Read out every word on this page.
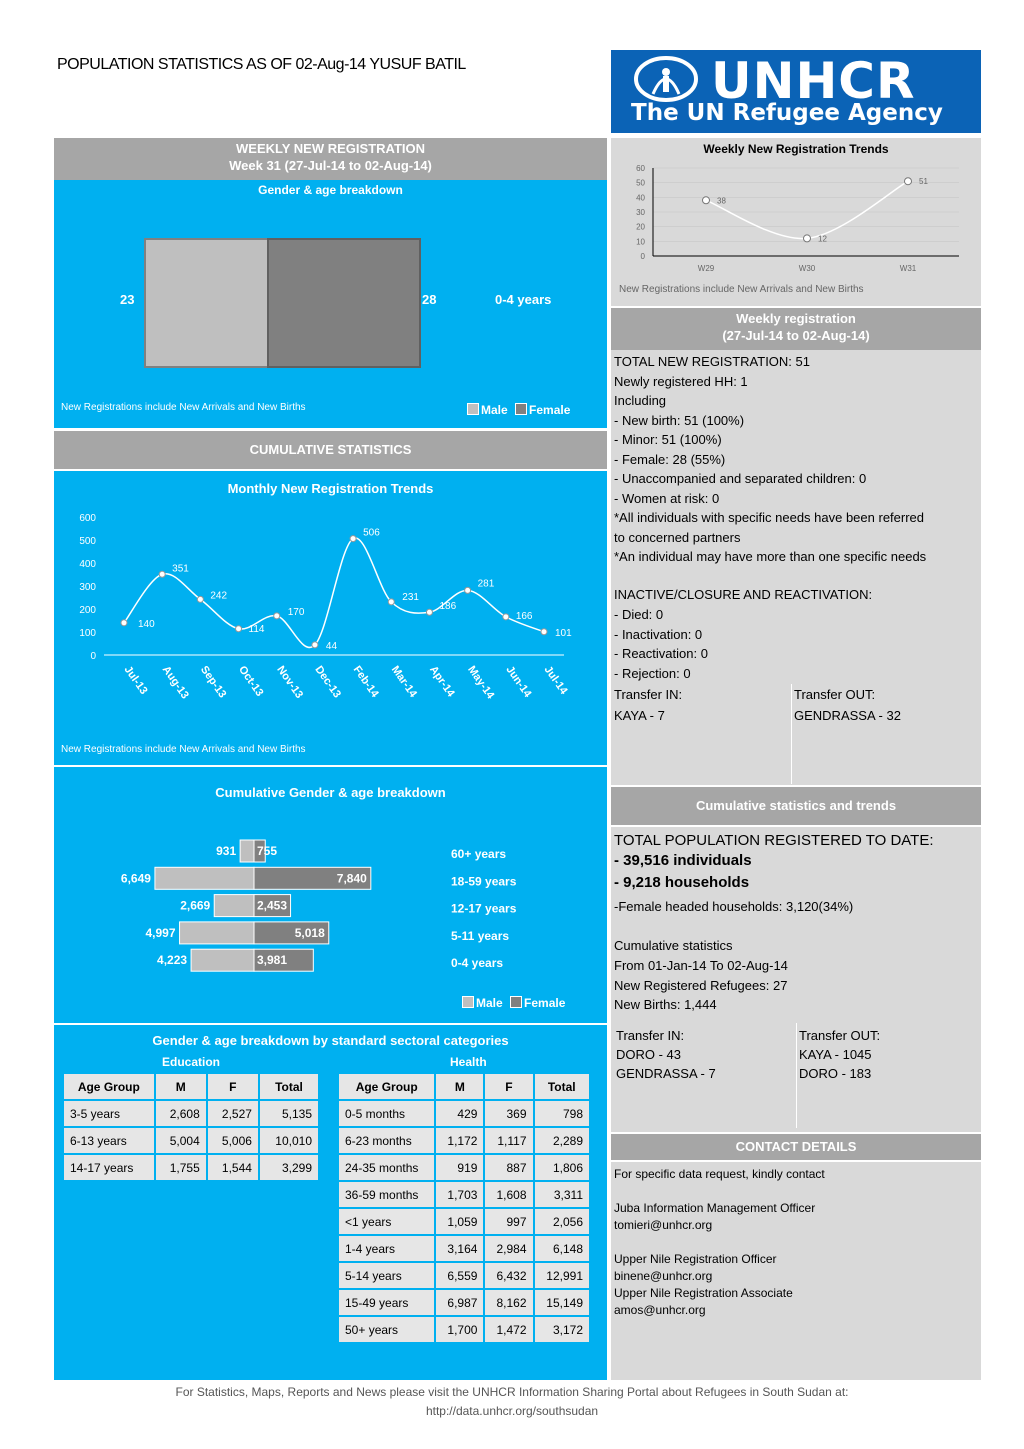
POPULATION STATISTICS AS OF 02-Aug-14 YUSUF BATIL	UNHCR
The UN Refugee Agency
WEEKLY NEW REGISTRATION
Week 31 (27-Jul-14 to 02-Aug-14)
Gender & age breakdown
23	28	0-4 years
New Registrations include New Arrivals and New Births	Male Female
CUMULATIVE STATISTICS
Monthly New Registration Trends
0
100
200
300
400
500
600
140
Jul-13
351
Aug-13
242
Sep-13
114
Oct-13
170
Nov-13
44
Dec-13
506
Feb-14
231
Mar-14
186
Apr-14
281
May-14
166
Jun-14
101
Jul-14
New Registrations include New Arrivals and New Births
Cumulative Gender & age breakdown
931 755	60+ years
6,649	7,840	18-59 years
2,669	2,453	12-17 years
4,997	5,018	5-11 years
4,223	3,981	0-4 years
Male Female
Gender & age breakdown by standard sectoral categories
Education	Health
Age Group	M	F	Total
3-5 years	2,608	2,527	5,135
6-13 years	5,004	5,006	10,010
14-17 years	1,755	1,544	3,299
Age Group	M	F	Total
0-5 months	429	369	798
6-23 months	1,172	1,117	2,289
24-35 months	919	887	1,806
36-59 months	1,703	1,608	3,311
<1 years	1,059	997	2,056
1-4 years	3,164	2,984	6,148
5-14 years	6,559	6,432	12,991
15-49 years	6,987	8,162	15,149
50+ years	1,700	1,472	3,172
Weekly New Registration Trends
0
10
20
30
40
50
60
38
W29
12
W30
51
W31
New Registrations include New Arrivals and New Births
Weekly registration
(27-Jul-14 to 02-Aug-14)
TOTAL NEW REGISTRATION: 51
Newly registered HH: 1
Including
- New birth: 51 (100%)
- Minor: 51 (100%)
- Female: 28 (55%)
- Unaccompanied and separated children: 0
- Women at risk: 0
*All individuals with specific needs have been referred
to concerned partners
*An individual may have more than one specific needs
INACTIVE/CLOSURE AND REACTIVATION:
- Died: 0
- Inactivation: 0
- Reactivation: 0
- Rejection: 0
Transfer IN:
KAYA - 7
Transfer OUT:
GENDRASSA - 32
Cumulative statistics and trends
TOTAL POPULATION REGISTERED TO DATE:
- 39,516 individuals
- 9,218 households
-Female headed households: 3,120(34%)
Cumulative statistics
From 01-Jan-14 To 02-Aug-14
New Registered Refugees: 27
New Births: 1,444
Transfer IN:
DORO - 43
GENDRASSA - 7
Transfer OUT:
KAYA - 1045
DORO - 183
CONTACT DETAILS
For specific data request, kindly contact

Juba Information Management Officer
tomieri@unhcr.org

Upper Nile Registration Officer
binene@unhcr.org
Upper Nile Registration Associate
amos@unhcr.org
For Statistics, Maps, Reports and News please visit the UNHCR Information Sharing Portal about Refugees in South Sudan at:
http://data.unhcr.org/southsudan
